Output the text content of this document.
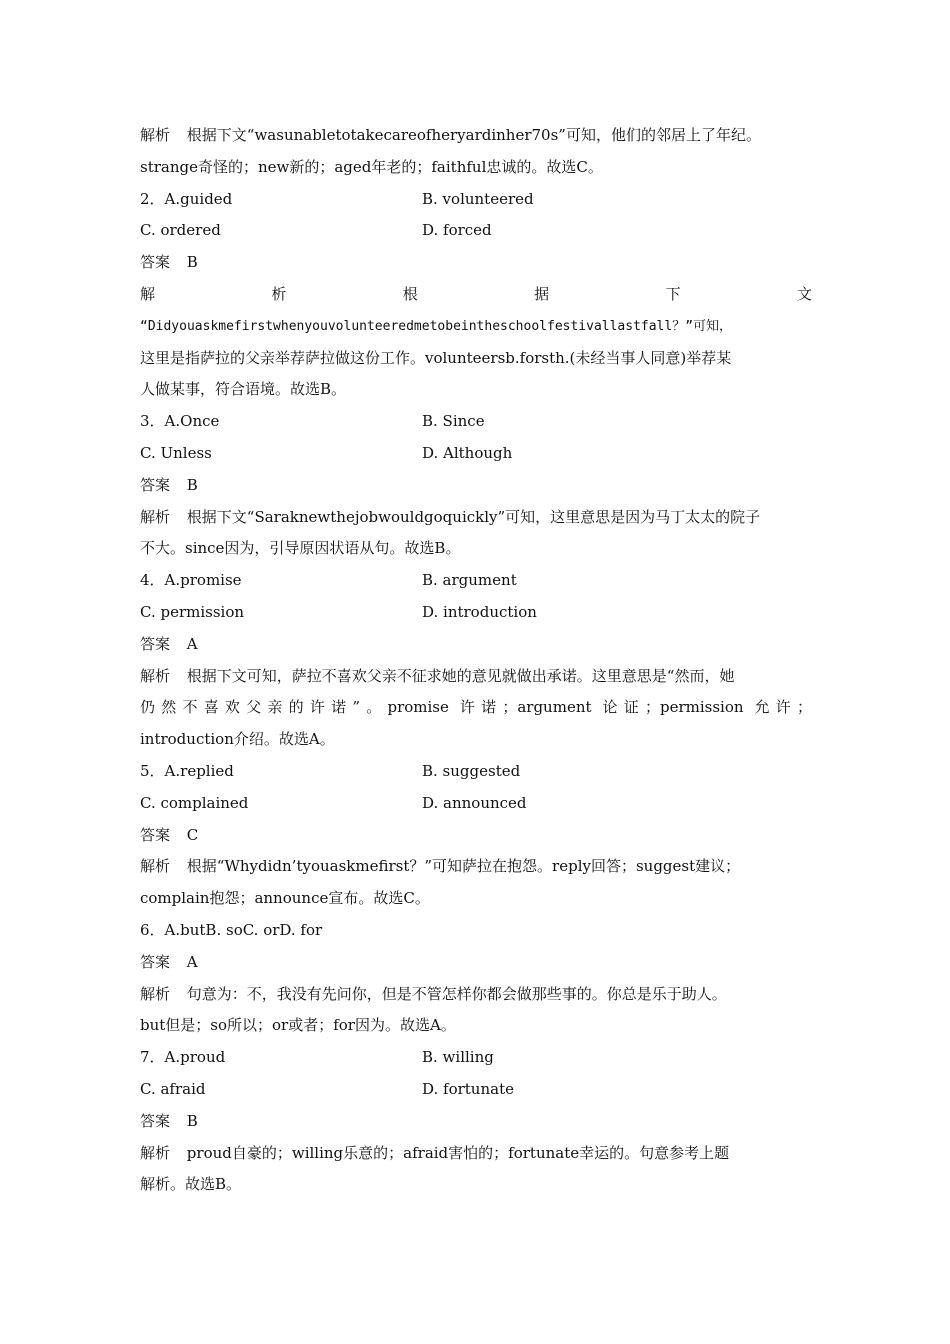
解析 根据下文“wasunabletotakecareofheryardinher70s”可知，他们的邻居上了年纪。
strange奇怪的；new新的；aged年老的；faithful忠诚的。故选C。
2．A.guided	B. volunteered
C. ordered	D. forced
答案 B
解	析	根	据	下	文
“Didyouaskmefirstwhenyouvolunteeredmetobeintheschoolfestivallastfall？”可知，
这里是指萨拉的父亲举荐萨拉做这份工作。volunteersb.forsth.(未经当事人同意)举荐某
人做某事，符合语境。故选B。
3．A.Once	B. Since
C. Unless	D. Although
答案 B
解析 根据下文“Saraknewthejobwouldgoquickly”可知，这里意思是因为马丁太太的院子
不大。since因为，引导原因状语从句。故选B。
4．A.promise	B. argument
C. permission	D. introduction
答案 A
解析 根据下文可知，萨拉不喜欢父亲不征求她的意见就做出承诺。这里意思是“然而，她
仍然不喜欢父亲的许诺”。promise 许诺；argument 论证；permission 允许；
introduction介绍。故选A。
5．A.replied	B. suggested
C. complained	D. announced
答案 C
解析 根据“Whydidn’tyouaskmefirst？”可知萨拉在抱怨。reply回答；suggest建议；
complain抱怨；announce宣布。故选C。
6．A.butB. soC. orD. for
答案 A
解析 句意为：不，我没有先问你，但是不管怎样你都会做那些事的。你总是乐于助人。
but但是；so所以；or或者；for因为。故选A。
7．A.proud	B. willing
C. afraid	D. fortunate
答案 B
解析 proud自豪的；willing乐意的；afraid害怕的；fortunate幸运的。句意参考上题
解析。故选B。
